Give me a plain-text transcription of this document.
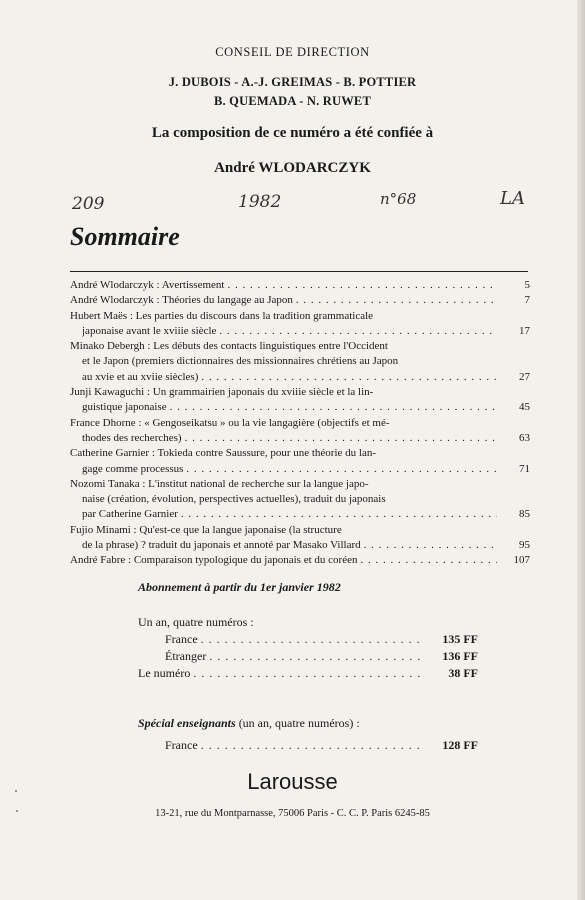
CONSEIL DE DIRECTION
J. DUBOIS - A.-J. GREIMAS - B. POTTIER
B. QUEMADA - N. RUWET
La composition de ce numéro a été confiée à
André WLODARCZYK
209	1982	n°68	LA
Sommaire
André Wlodarczyk : Avertissement . . .	5
André Wlodarczyk : Théories du langage au Japon . . .	7
Hubert Maës : Les parties du discours dans la tradition grammaticale
japonaise avant le xviiie siècle . . .	17
Minako Debergh : Les débuts des contacts linguistiques entre l'Occident
et le Japon (premiers dictionnaires des missionnaires chrétiens au Japon
au xvie et au xviie siècles) . . .	27
Junji Kawaguchi : Un grammairien japonais du xviiie siècle et la lin-
guistique japonaise . . .	45
France Dhorne : « Gengoseikatsu » ou la vie langagière (objectifs et mé-
thodes des recherches) . . .	63
Catherine Garnier : Tokieda contre Saussure, pour une théorie du lan-
gage comme processus . . .	71
Nozomi Tanaka : L'institut national de recherche sur la langue japo-
naise (création, évolution, perspectives actuelles), traduit du japonais
par Catherine Garnier . . .	85
Fujio Minami : Qu'est-ce que la langue japonaise (la structure
de la phrase) ? traduit du japonais et annoté par Masako Villard . . .	95
André Fabre : Comparaison typologique du japonais et du coréen . . .	107
Abonnement à partir du 1er janvier 1982
Un an, quatre numéros :
France . . .	135 FF
Étranger . . .	136 FF
Le numéro . . .	38 FF
Spécial enseignants (un an, quatre numéros) :
France . . .	128 FF
Larousse
13-21, rue du Montparnasse, 75006 Paris - C. C. P. Paris 6245-85
